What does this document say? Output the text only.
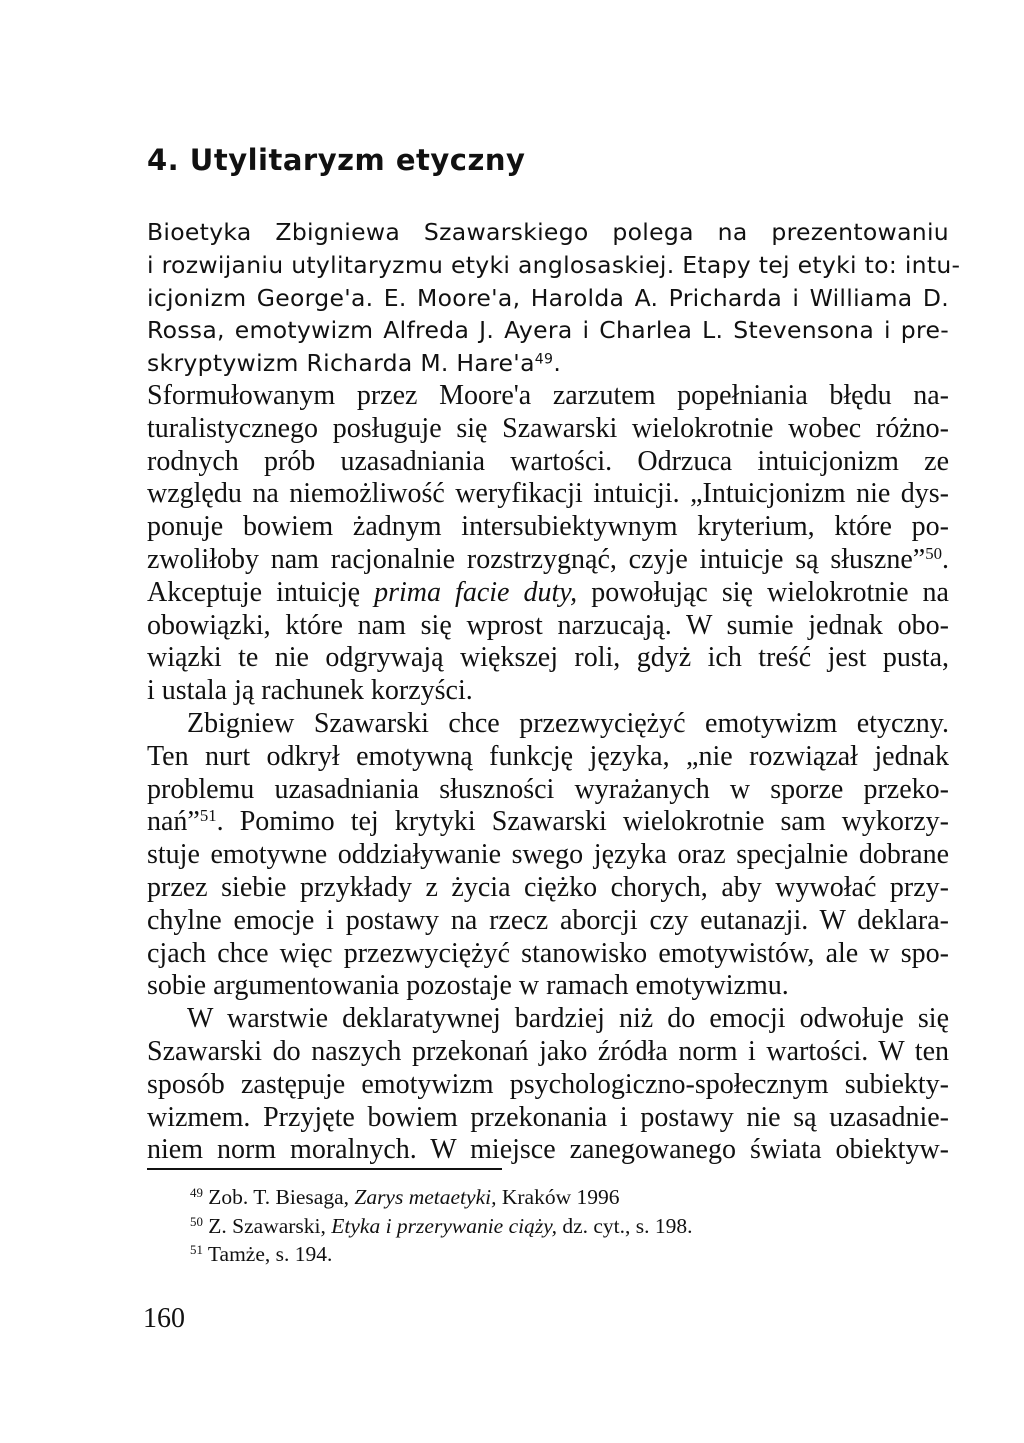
4. Utylitaryzm etyczny
Bioetyka Zbigniewa Szawarskiego polega na prezentowaniu
i rozwijaniu utylitaryzmu etyki anglosaskiej. Etapy tej etyki to: intu-
icjonizm George'a. E. Moore'a, Harolda A. Pricharda i Williama D.
Rossa, emotywizm Alfreda J. Ayera i Charlea L. Stevensona i pre-
skryptywizm Richarda M. $Hare'a^{49}$.
Sformułowanym przez Moore'a zarzutem popełniania błędu na-
turalistycznego posługuje się Szawarski wielokrotnie wobec różno-
rodnych prób uzasadniania wartości. Odrzuca intuicjonizm ze
względu na niemożliwość weryfikacji intuicji. „Intuicjonizm nie dys-
ponuje bowiem żadnym intersubiektywnym kryterium, które po-
zwoliłoby nam racjonalnie rozstrzygnąć, czyje intuicje są słuszne”$^{50}$.
Akceptuje intuicję prima facie duty, powołując się wielokrotnie na
obowiązki, które nam się wprost narzucają. W sumie jednak obo-
wiązki te nie odgrywają większej roli, gdyż ich treść jest pusta,
i ustala ją rachunek korzyści.
Zbigniew Szawarski chce przezwyciężyć emotywizm etyczny.
Ten nurt odkrył emotywną funkcję języka, „nie rozwiązał jednak
problemu uzasadniania słuszności wyrażanych w sporze przeko-
nań”$^{51}$. Pomimo tej krytyki Szawarski wielokrotnie sam wykorzy-
stuje emotywne oddziaływanie swego języka oraz specjalnie dobrane
przez siebie przykłady z życia ciężko chorych, aby wywołać przy-
chylne emocje i postawy na rzecz aborcji czy eutanazji. W deklara-
cjach chce więc przezwyciężyć stanowisko emotywistów, ale w spo-
sobie argumentowania pozostaje w ramach emotywizmu.
W warstwie deklaratywnej bardziej niż do emocji odwołuje się
Szawarski do naszych przekonań jako źródła norm i wartości. W ten
sposób zastępuje emotywizm psychologiczno-społecznym subiekty-
wizmem. Przyjęte bowiem przekonania i postawy nie są uzasadnie-
niem norm moralnych. W miejsce zanegowanego świata obiektyw-
$^{49}$ Zob. T. Biesaga, Zarys metaetyki, Kraków 1996
$^{50}$ Z. Szawarski, Etyka i przerywanie ciąży, dz. cyt., s. 198.
$^{51}$ Tamże, s. 194.
160
